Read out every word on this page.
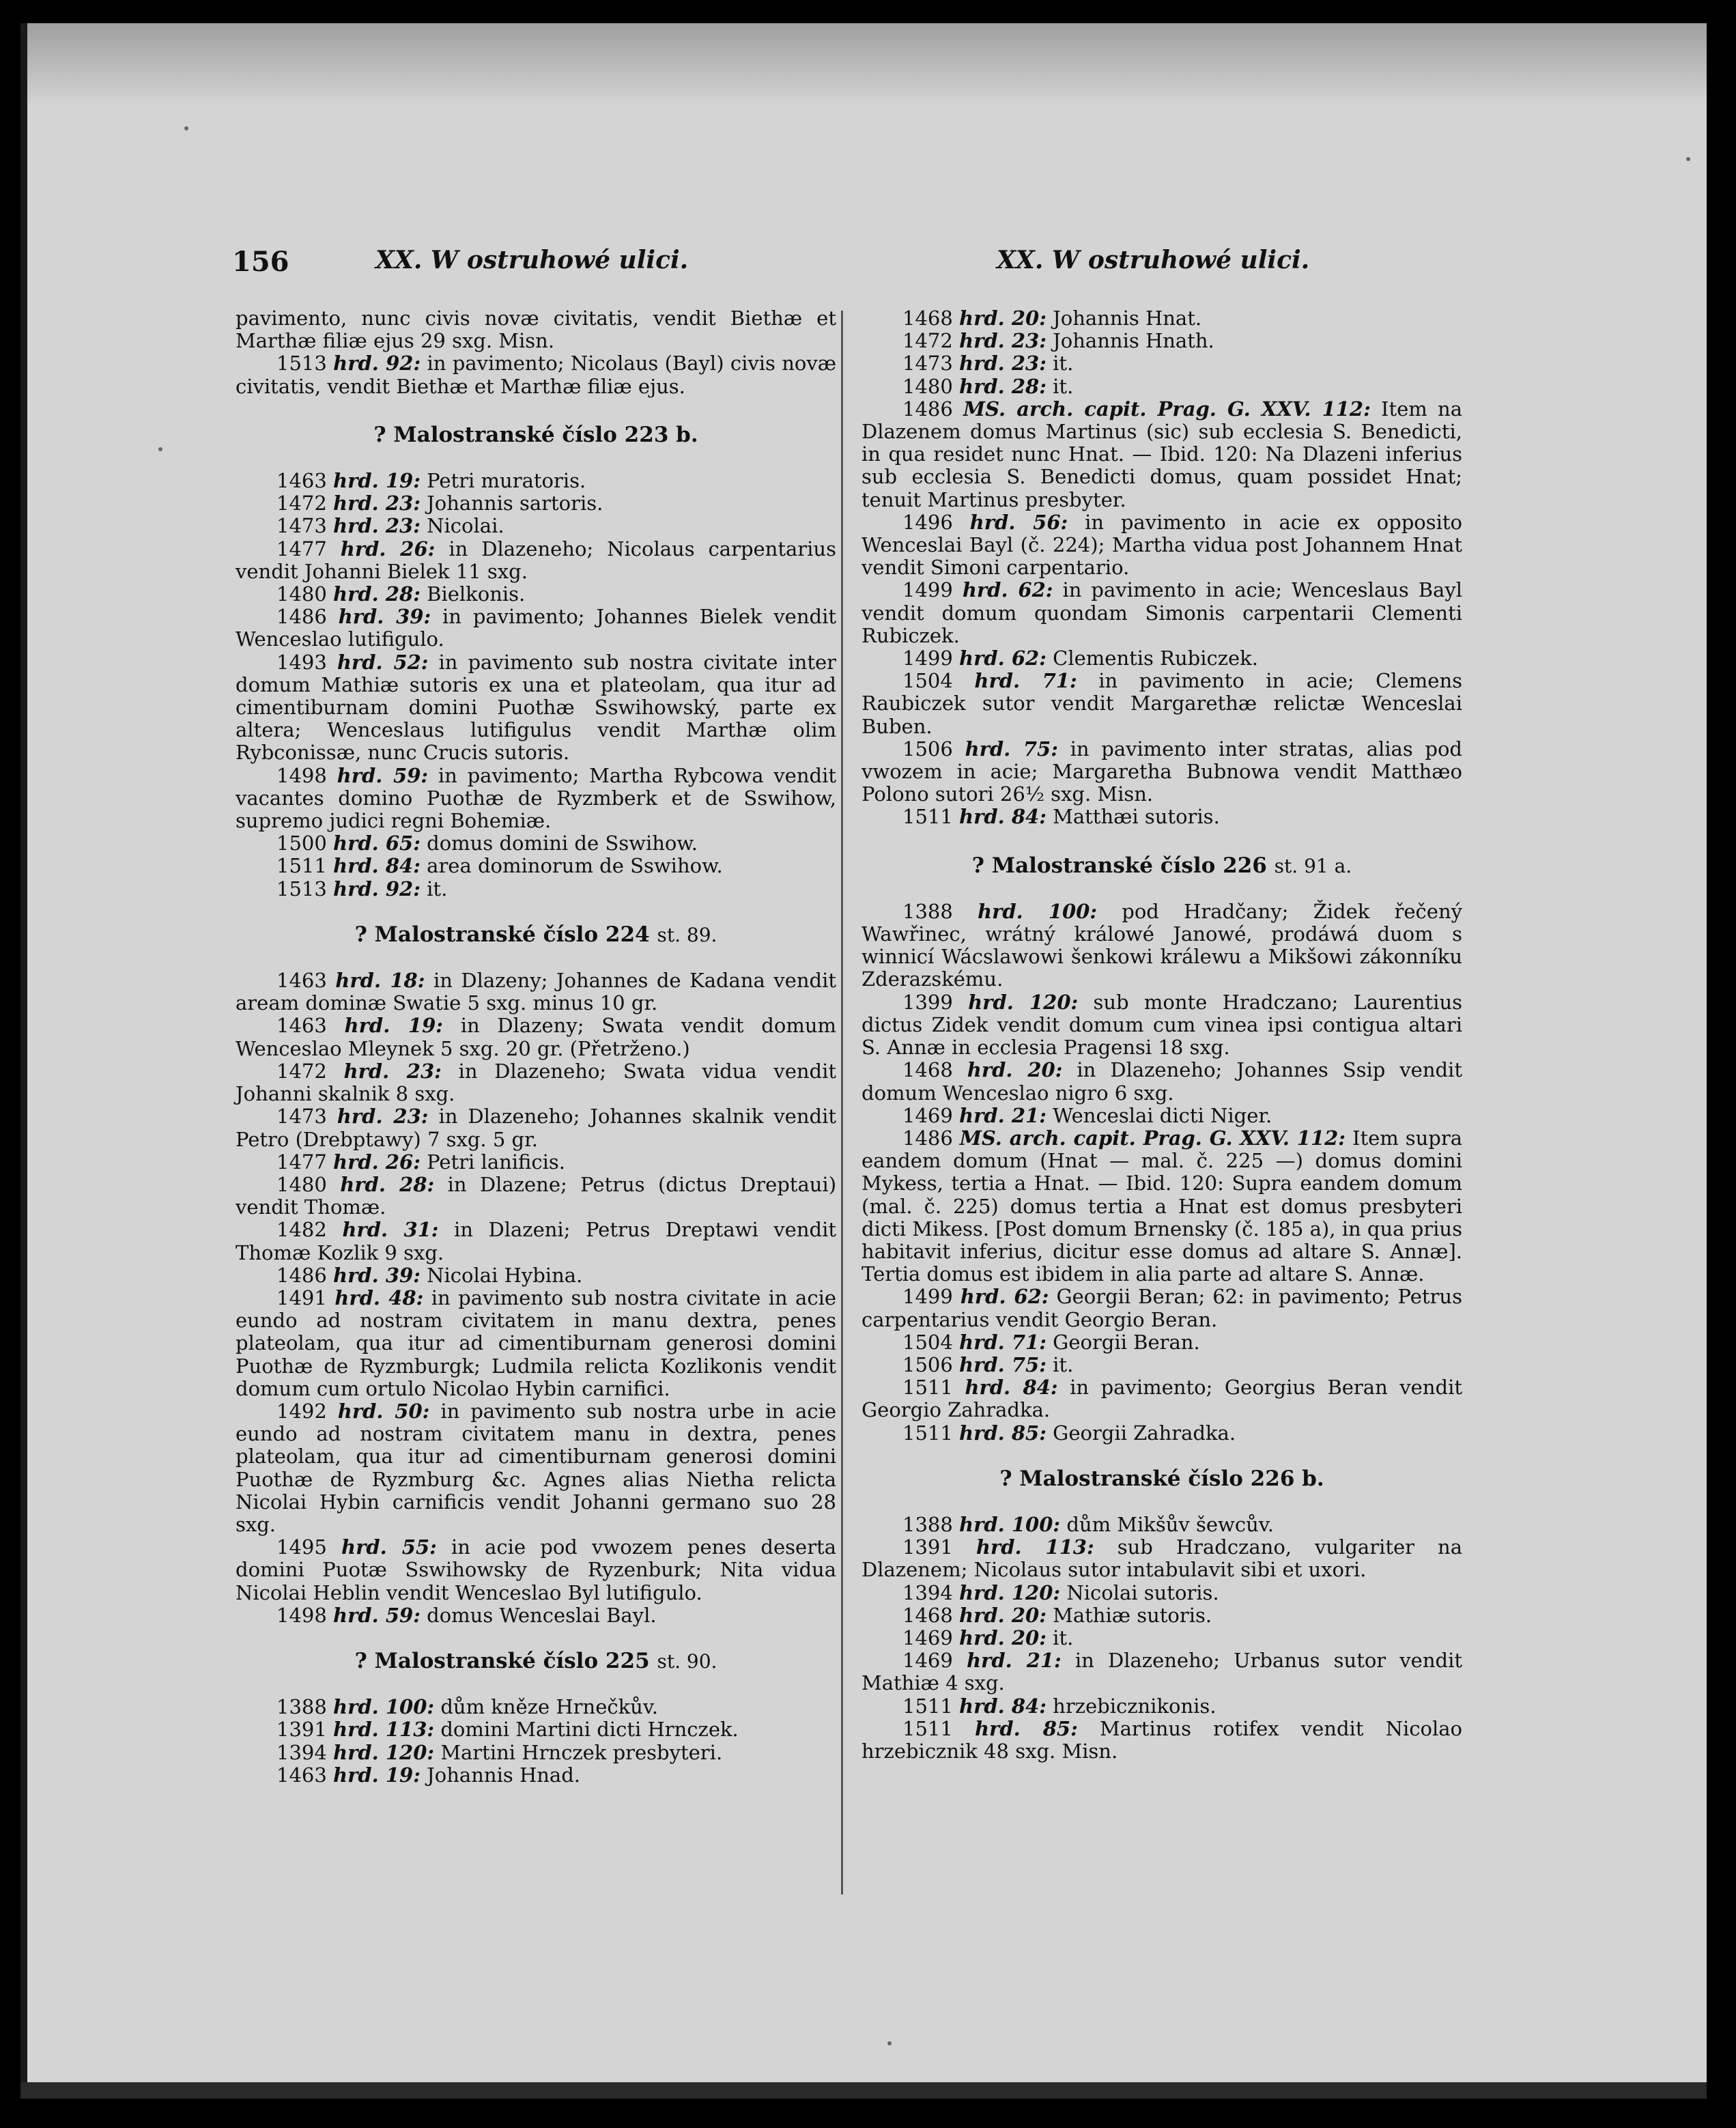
156	XX. W ostruhowé ulici.	XX. W ostruhowé ulici.

pavimento, nunc civis novæ civitatis, vendit Biethæ et Marthæ filiæ ejus 29 sxg. Misn.

1513 hrd. 92: in pavimento; Nicolaus (Bayl) civis novæ civitatis, vendit Biethæ et Marthæ filiæ ejus.

? Malostranské číslo 223 b.

1463 hrd. 19: Petri muratoris.

1472 hrd. 23: Johannis sartoris.

1473 hrd. 23: Nicolai.

1477 hrd. 26: in Dlazeneho; Nicolaus carpentarius vendit Johanni Bielek 11 sxg.

1480 hrd. 28: Bielkonis.

1486 hrd. 39: in pavimento; Johannes Bielek vendit Wenceslao lutifigulo.

1493 hrd. 52: in pavimento sub nostra civitate inter domum Mathiæ sutoris ex una et plateolam, qua itur ad cimentiburnam domini Puothæ Sswihowský, parte ex altera; Wenceslaus lutifigulus vendit Marthæ olim Rybconissæ, nunc Crucis sutoris.

1498 hrd. 59: in pavimento; Martha Rybcowa vendit vacantes domino Puothæ de Ryzmberk et de Sswihow, supremo judici regni Bohemiæ.

1500 hrd. 65: domus domini de Sswihow.

1511 hrd. 84: area dominorum de Sswihow.

1513 hrd. 92: it.

? Malostranské číslo 224 st. 89.

1463 hrd. 18: in Dlazeny; Johannes de Kadana vendit aream dominæ Swatie 5 sxg. minus 10 gr.

1463 hrd. 19: in Dlazeny; Swata vendit domum Wenceslao Mleynek 5 sxg. 20 gr. (Přetrženo.)

1472 hrd. 23: in Dlazeneho; Swata vidua vendit Johanni skalnik 8 sxg.

1473 hrd. 23: in Dlazeneho; Johannes skalnik vendit Petro (Drebptawy) 7 sxg. 5 gr.

1477 hrd. 26: Petri lanificis.

1480 hrd. 28: in Dlazene; Petrus (dictus Dreptaui) vendit Thomæ.

1482 hrd. 31: in Dlazeni; Petrus Dreptawi vendit Thomæ Kozlik 9 sxg.

1486 hrd. 39: Nicolai Hybina.

1491 hrd. 48: in pavimento sub nostra civitate in acie eundo ad nostram civitatem in manu dextra, penes plateolam, qua itur ad cimentiburnam generosi domini Puothæ de Ryzmburgk; Ludmila relicta Kozlikonis vendit domum cum ortulo Nicolao Hybin carnifici.

1492 hrd. 50: in pavimento sub nostra urbe in acie eundo ad nostram civitatem manu in dextra, penes plateolam, qua itur ad cimentiburnam generosi domini Puothæ de Ryzmburg &c. Agnes alias Nietha relicta Nicolai Hybin carnificis vendit Johanni germano suo 28 sxg.

1495 hrd. 55: in acie pod vwozem penes deserta domini Puotæ Sswihowsky de Ryzenburk; Nita vidua Nicolai Heblin vendit Wenceslao Byl lutifigulo.

1498 hrd. 59: domus Wenceslai Bayl.

? Malostranské číslo 225 st. 90.

1388 hrd. 100: dům kněze Hrnečkův.

1391 hrd. 113: domini Martini dicti Hrnczek.

1394 hrd. 120: Martini Hrnczek presbyteri.

1463 hrd. 19: Johannis Hnad.

1468 hrd. 20: Johannis Hnat.

1472 hrd. 23: Johannis Hnath.

1473 hrd. 23: it.

1480 hrd. 28: it.

1486 MS. arch. capit. Prag. G. XXV. 112: Item na Dlazenem domus Martinus (sic) sub ecclesia S. Benedicti, in qua residet nunc Hnat. — Ibid. 120: Na Dlazeni inferius sub ecclesia S. Benedicti domus, quam possidet Hnat; tenuit Martinus presbyter.

1496 hrd. 56: in pavimento in acie ex opposito Wenceslai Bayl (č. 224); Martha vidua post Johannem Hnat vendit Simoni carpentario.

1499 hrd. 62: in pavimento in acie; Wenceslaus Bayl vendit domum quondam Simonis carpentarii Clementi Rubiczek.

1499 hrd. 62: Clementis Rubiczek.

1504 hrd. 71: in pavimento in acie; Clemens Raubiczek sutor vendit Margarethæ relictæ Wenceslai Buben.

1506 hrd. 75: in pavimento inter stratas, alias pod vwozem in acie; Margaretha Bubnowa vendit Matthæo Polono sutori 26½ sxg. Misn.

1511 hrd. 84: Matthæi sutoris.

? Malostranské číslo 226 st. 91 a.

1388 hrd. 100: pod Hradčany; Židek řečený Wawřinec, wrátný králowé Janowé, prodáwá duom s winnicí Wácslawowi šenkowi králewu a Mikšowi zákonníku Zderazskému.

1399 hrd. 120: sub monte Hradczano; Laurentius dictus Zidek vendit domum cum vinea ipsi contigua altari S. Annæ in ecclesia Pragensi 18 sxg.

1468 hrd. 20: in Dlazeneho; Johannes Ssip vendit domum Wenceslao nigro 6 sxg.

1469 hrd. 21: Wenceslai dicti Niger.

1486 MS. arch. capit. Prag. G. XXV. 112: Item supra eandem domum (Hnat — mal. č. 225 —) domus domini Mykess, tertia a Hnat. — Ibid. 120: Supra eandem domum (mal. č. 225) domus tertia a Hnat est domus presbyteri dicti Mikess. [Post domum Brnensky (č. 185 a), in qua prius habitavit inferius, dicitur esse domus ad altare S. Annæ]. Tertia domus est ibidem in alia parte ad altare S. Annæ.

1499 hrd. 62: Georgii Beran; 62: in pavimento; Petrus carpentarius vendit Georgio Beran.

1504 hrd. 71: Georgii Beran.

1506 hrd. 75: it.

1511 hrd. 84: in pavimento; Georgius Beran vendit Georgio Zahradka.

1511 hrd. 85: Georgii Zahradka.

? Malostranské číslo 226 b.

1388 hrd. 100: dům Mikšův šewcův.

1391 hrd. 113: sub Hradczano, vulgariter na Dlazenem; Nicolaus sutor intabulavit sibi et uxori.

1394 hrd. 120: Nicolai sutoris.

1468 hrd. 20: Mathiæ sutoris.

1469 hrd. 20: it.

1469 hrd. 21: in Dlazeneho; Urbanus sutor vendit Mathiæ 4 sxg.

1511 hrd. 84: hrzebicznikonis.

1511 hrd. 85: Martinus rotifex vendit Nicolao hrzebicznik 48 sxg. Misn.
